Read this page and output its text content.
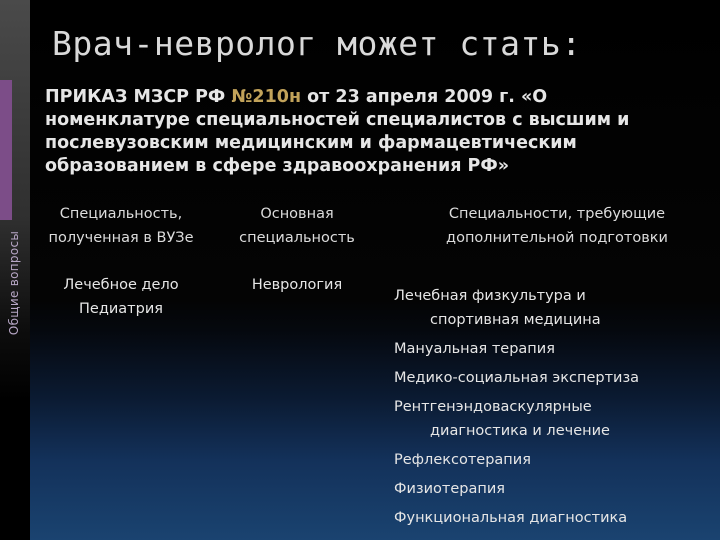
Общие вопросы
Врач-невролог может стать:
ПРИКАЗ МЗСР РФ №210н от 23 апреля 2009 г. «О номенклатуре специальностей специалистов с высшим и послевузовским медицинским и фармацевтическим образованием в сфере здравоохранения РФ»
Специальность,
полученная в ВУЗе
Основная
специальность
Специальности, требующие
дополнительной подготовки
Лечебное дело
Педиатрия
Неврология
Лечебная физкультура и
спортивная медицина
Мануальная терапия
Медико-социальная экспертиза
Рентгенэндоваскулярные
диагностика и лечение
Рефлексотерапия
Физиотерапия
Функциональная диагностика
